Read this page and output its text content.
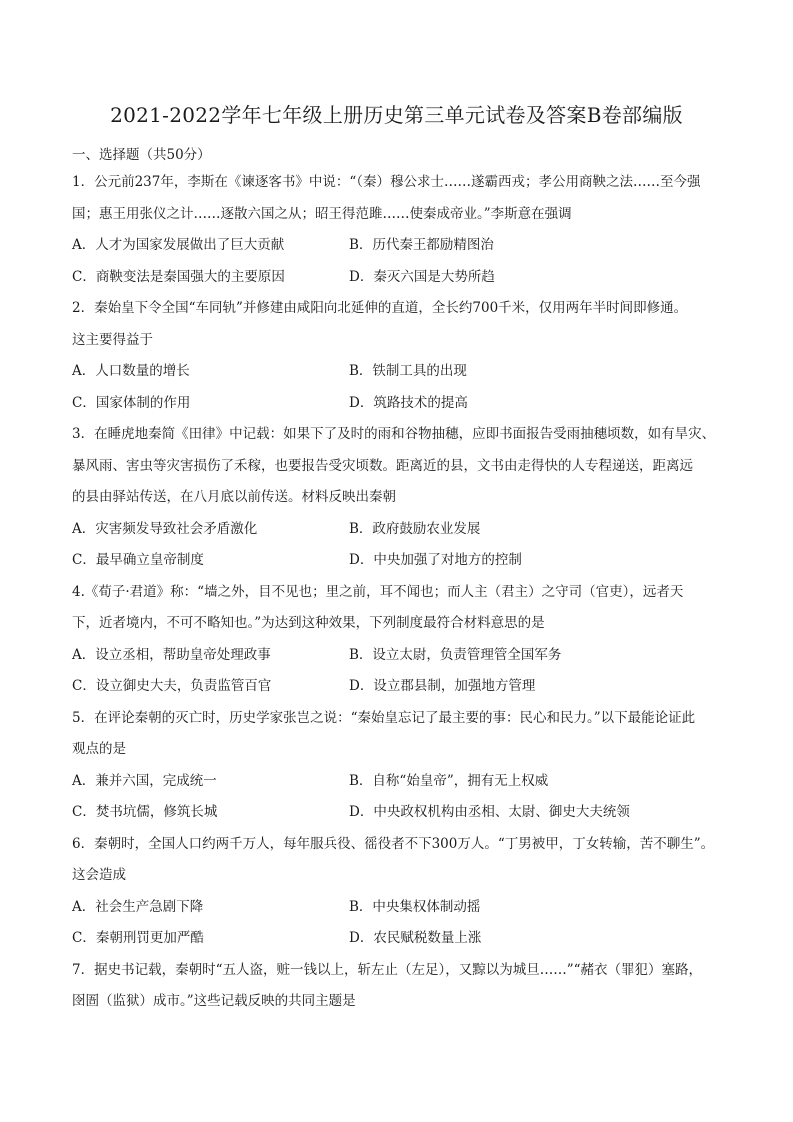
2021-2022学年七年级上册历史第三单元试卷及答案B卷部编版
一、选择题（共50分）
1．公元前237年，李斯在《谏逐客书》中说：“（秦）穆公求士……遂霸西戎；孝公用商鞅之法……至今强
国；惠王用张仪之计……逐散六国之从；昭王得范雎……使秦成帝业。”李斯意在强调
A．人才为国家发展做出了巨大贡献	B．历代秦王都励精图治
C．商鞅变法是秦国强大的主要原因	D．秦灭六国是大势所趋
2．秦始皇下令全国“车同轨”并修建由咸阳向北延伸的直道，全长约700千米，仅用两年半时间即修通。
这主要得益于
A．人口数量的增长	B．铁制工具的出现
C．国家体制的作用	D．筑路技术的提高
3．在睡虎地秦简《田律》中记载：如果下了及时的雨和谷物抽穗，应即书面报告受雨抽穗顷数，如有旱灾、
暴风雨、害虫等灾害损伤了禾稼，也要报告受灾顷数。距离近的县，文书由走得快的人专程递送，距离远
的县由驿站传送，在八月底以前传送。材料反映出秦朝
A．灾害频发导致社会矛盾激化	B．政府鼓励农业发展
C．最早确立皇帝制度	D．中央加强了对地方的控制
4.《荀子·君道》称：“墙之外，目不见也；里之前，耳不闻也；而人主（君主）之守司（官吏），远者天
下，近者境内，不可不略知也。”为达到这种效果，下列制度最符合材料意思的是
A．设立丞相，帮助皇帝处理政事	B．设立太尉，负责管理管全国军务
C．设立御史大夫，负责监管百官	D．设立郡县制，加强地方管理
5．在评论秦朝的灭亡时，历史学家张岂之说：“秦始皇忘记了最主要的事：民心和民力。”以下最能论证此
观点的是
A．兼并六国，完成统一	B．自称“始皇帝”，拥有无上权威
C．焚书坑儒，修筑长城	D．中央政权机构由丞相、太尉、御史大夫统领
6．秦朝时，全国人口约两千万人，每年服兵役、徭役者不下300万人。“丁男被甲，丁女转输，苦不聊生”。
这会造成
A．社会生产急剧下降	B．中央集权体制动摇
C．秦朝刑罚更加严酷	D．农民赋税数量上涨
7．据史书记载，秦朝时“五人盗，赃一钱以上，斩左止（左足），又黥以为城旦……”“赭衣（罪犯）塞路，
囹圄（监狱）成市。”这些记载反映的共同主题是
